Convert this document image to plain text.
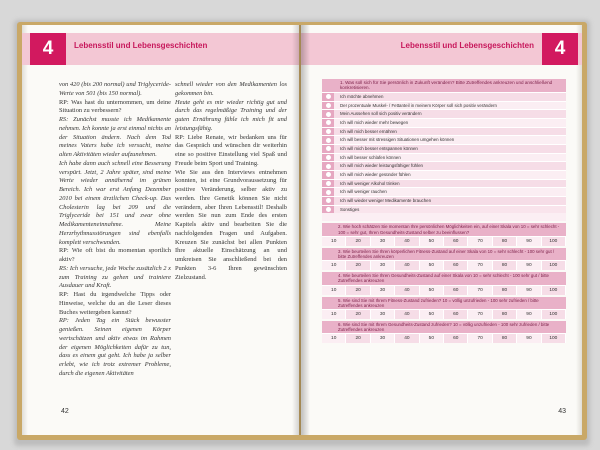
4	Lebensstil und Lebensgeschichten

von 420 (bis 200 normal) und Triglyceride-Werte von 501 (bis 150 normal).

RP: Was hast du unternommen, um deine Situation zu verbessern?

RS: Zunächst musste ich Medikamente nehmen. Ich konnte ja erst einmal nichts an der Situation ändern. Nach dem Tod meines Vaters habe ich versucht, meine alten Aktivitäten wieder aufzunehmen.

Ich habe dann auch schnell eine Besserung verspürt. Jetzt, 2 Jahre später, sind meine Werte wieder annähernd im grünen Bereich. Ich war erst Anfang Dezember 2010 bei einem ärztlichen Check-up. Das Cholesterin lag bei 209 und die Triglyceride bei 151 und zwar ohne Medikamenteneinnahme. Meine Herzrhythmusstörungen sind ebenfalls komplett verschwunden.

RP: Wie oft bist du momentan sportlich aktiv?

RS: Ich versuche, jede Woche zusätzlich 2 x zum Training zu gehen und trainiere Ausdauer und Kraft.

RP: Hast du irgendwelche Tipps oder Hinweise, welche du an die Leser dieses Buches weitergeben kannst?

RP: Jeden Tag ein Stück bewusster genießen. Seinen eigenen Körper wertschätzen und aktiv etwas im Rahmen der eigenen Möglichkeiten dafür zu tun, dass es einem gut geht. Ich habe ja selber erlebt, wie ich trotz extremer Probleme, durch die eigenen Aktivitäten

schnell wieder von den Medikamenten los gekommen bin.

Heute geht es mir wieder richtig gut und durch das regelmäßige Training und der guten Ernährung fühle ich mich fit und leistungsfähig.

RP: Liebe Renate, wir bedanken uns für das Gespräch und wünschen dir weiterhin eine so positive Einstellung viel Spaß und Freude beim Sport und Training.

Wie Sie aus den Interviews entnehmen konnten, ist eine Grundvoraussetzung für positive Veränderung, selber aktiv zu werden. Ihre Genetik können Sie nicht verändern, aber Ihren Lebensstil! Deshalb werden Sie nun zum Ende des ersten Kapitels aktiv und bearbeiten Sie die nachfolgenden Fragen und Aufgaben. Kreuzen Sie zunächst bei allen Punkten Ihre aktuelle Einschätzung an und umkreisen Sie anschließend bei den Punkten 3-6 Ihren gewünschten Zielzustand.

42
Lebensstil und Lebensgeschichten	4
1. Was soll sich für Sie persönlich in Zukunft verändern? Bitte Zutreffendes ankreuzen und anschließend konkretisieren.
Ich möchte abnehmen
Der prozentuale Muskel- / Fettanteil in meinem Körper soll sich positiv verändern
Mein Aussehen soll sich positiv verändern
Ich will mich wieder mehr bewegen
Ich will mich besser ernähren
Ich will besser mit stressigen Situationen umgehen können
Ich will mich besser entspannen können
Ich will besser schlafen können
Ich will mich wieder leistungsfähiger fühlen
Ich will mich wieder gesünder fühlen
Ich will weniger Alkohol trinken
Ich will weniger rauchen
Ich will wieder weniger Medikamente brauchen
Sonstiges
2. Wie hoch schätzen Sie momentan Ihre persönlichen Möglichkeiten ein, auf einer Skala von 10 = sehr schlecht - 100 = sehr gut, Ihren Gesundheits-Zustand selber zu beeinflussen?
10	20	30	40	50	60	70	80	90	100
3. Wie beurteilen Sie Ihren körperlichen Fitness-Zustand auf einer Skala von 10 = sehr schlecht - 100 sehr gut / bitte Zutreffendes ankreuzen
10	20	30	40	50	60	70	80	90	100
4. Wie beurteilen Sie Ihren Gesundheits-Zustand auf einer Skala von 10 = sehr schlecht - 100 sehr gut / bitte Zutreffendes ankreuzen
10	20	30	40	50	60	70	80	90	100
5. Wie sind Sie mit Ihrem Fitness-Zustand zufrieden? 10 = völlig unzufrieden - 100 sehr zufrieden / bitte Zutreffendes ankreuzen
10	20	30	40	50	60	70	80	90	100
6. Wie sind Sie mit Ihrem Gesundheits-Zustand zufrieden? 10 = völlig unzufrieden - 100 sehr zufrieden / bitte Zutreffendes ankreuzen
10	20	30	40	50	60	70	80	90	100
43
